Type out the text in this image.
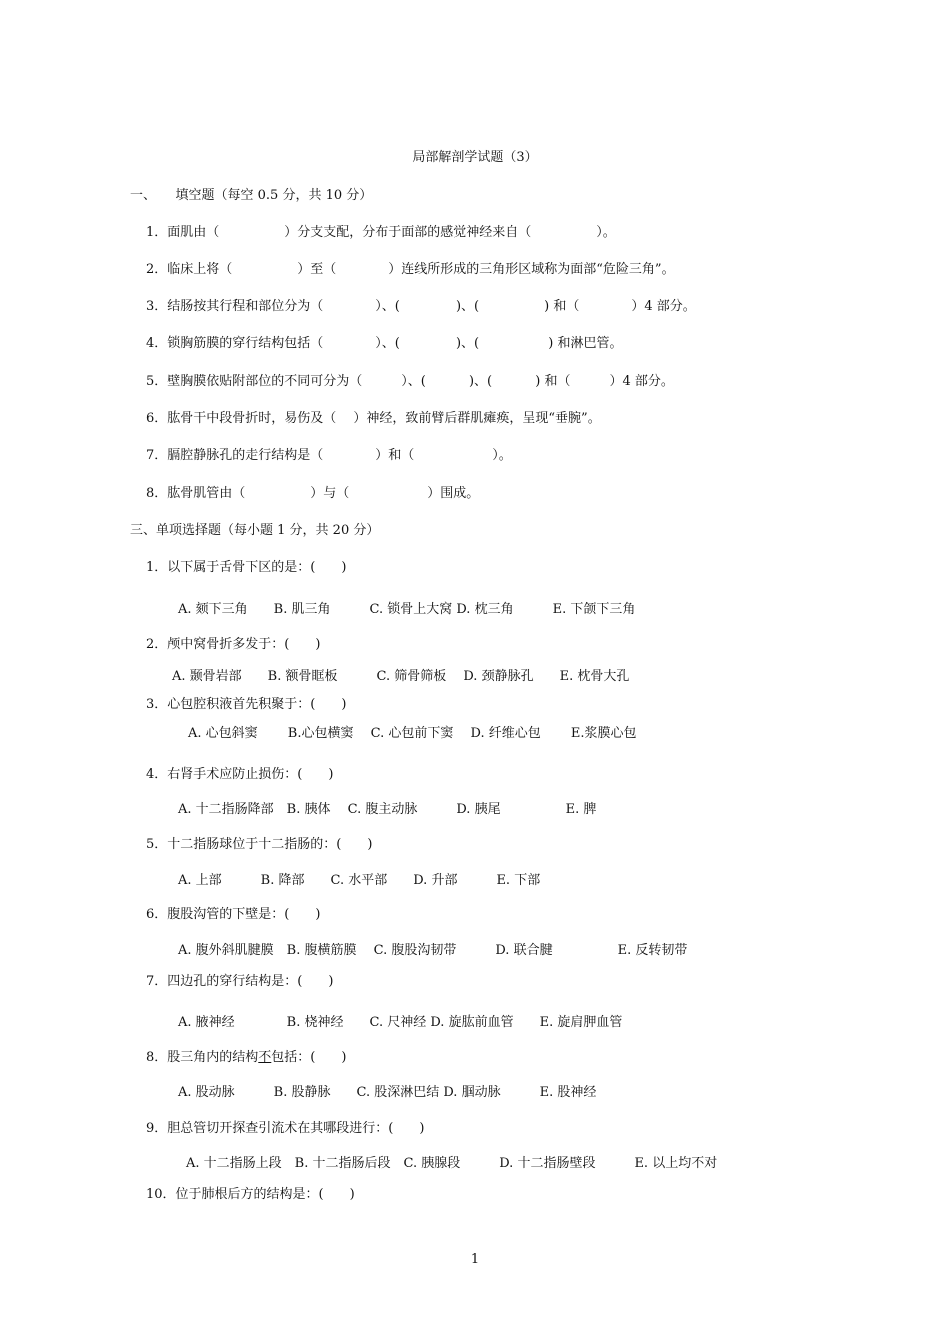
局部解剖学试题（3）
一、　　填空题（每空 0.5 分，共 10 分）
1．面肌由（　　　　　）分支支配，分布于面部的感觉神经来自（　　　　　）。
2．临床上将（　　　　　）至（　　　　）连线所形成的三角形区域称为面部“危险三角”。
3．结肠按其行程和部位分为（　　　　）、(　　　　 )、(　　　　　) 和（　　　　）4 部分。
4．锁胸筋膜的穿行结构包括（　　　　）、(　　　　 )、(　　　　　 ) 和淋巴管。
5．壁胸膜依贴附部位的不同可分为（　　　）、(　　　 )、(　　　 ) 和（　　　）4 部分。
6．肱骨干中段骨折时，易伤及（　 ）神经，致前臂后群肌瘫痪，呈现“垂腕”。
7．膈腔静脉孔的走行结构是（　　　　）和（　　　　　　）。
8．肱骨肌管由（　　　　　）与（　　　　　　）围成。
三、单项选择题（每小题 1 分，共 20 分）
1．以下属于舌骨下区的是：(　　)
A. 颏下三角　　B. 肌三角　　　C. 锁骨上大窝 D. 枕三角　　　E. 下颌下三角
2．颅中窝骨折多发于：(　　)
A. 颞骨岩部　　B. 额骨眶板　　　C. 筛骨筛板　 D. 颈静脉孔　　E. 枕骨大孔
3．心包腔积液首先积聚于：(　　)
A. 心包斜窦　　 B.心包横窦　 C. 心包前下窦　 D. 纤维心包　　 E.浆膜心包
4．右肾手术应防止损伤：(　　)
A. 十二指肠降部　B. 胰体　 C. 腹主动脉　　　D. 胰尾　　　　　E. 脾
5．十二指肠球位于十二指肠的：(　　)
A. 上部　　　B. 降部　　C. 水平部　　D. 升部　　　E. 下部
6．腹股沟管的下壁是：(　　)
A. 腹外斜肌腱膜　B. 腹横筋膜　 C. 腹股沟韧带　　　D. 联合腱　　　　　E. 反转韧带
7．四边孔的穿行结构是：(　　)
A. 腋神经　　　　B. 桡神经　　C. 尺神经 D. 旋肱前血管　　E. 旋肩胛血管
8．股三角内的结构不包括：(　　)
A. 股动脉　　　B. 股静脉　　C. 股深淋巴结 D. 腘动脉　　　E. 股神经
9．胆总管切开探查引流术在其哪段进行：(　　)
A. 十二指肠上段　B. 十二指肠后段　C. 胰腺段　　　D. 十二指肠壁段　　　E. 以上均不对
10．位于肺根后方的结构是：(　　)
1
